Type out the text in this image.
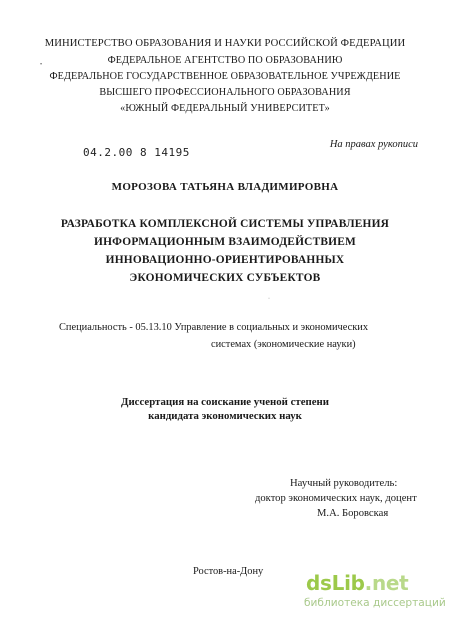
МИНИСТЕРСТВО ОБРАЗОВАНИЯ И НАУКИ РОССИЙСКОЙ ФЕДЕРАЦИИ
ФЕДЕРАЛЬНОЕ АГЕНТСТВО ПО ОБРАЗОВАНИЮ
ФЕДЕРАЛЬНОЕ ГОСУДАРСТВЕННОЕ ОБРАЗОВАТЕЛЬНОЕ УЧРЕЖДЕНИЕ
ВЫСШЕГО ПРОФЕССИОНАЛЬНОГО ОБРАЗОВАНИЯ
«ЮЖНЫЙ ФЕДЕРАЛЬНЫЙ УНИВЕРСИТЕТ»
•
На правах рукописи
04.2.00 8 14195
МОРОЗОВА ТАТЬЯНА ВЛАДИМИРОВНА
РАЗРАБОТКА КОМПЛЕКСНОЙ СИСТЕМЫ УПРАВЛЕНИЯ
ИНФОРМАЦИОННЫМ ВЗАИМОДЕЙСТВИЕМ
ИННОВАЦИОННО-ОРИЕНТИРОВАННЫХ
ЭКОНОМИЧЕСКИХ СУБЪЕКТОВ
·
Специальность - 05.13.10 Управление в социальных и экономических
системах (экономические науки)
Диссертация на соискание ученой степени
кандидата экономических наук
Научный руководитель:
доктор экономических наук, доцент
М.А. Боровская
Ростов-на-Дону dsLib.net
библиотека диссертаций
